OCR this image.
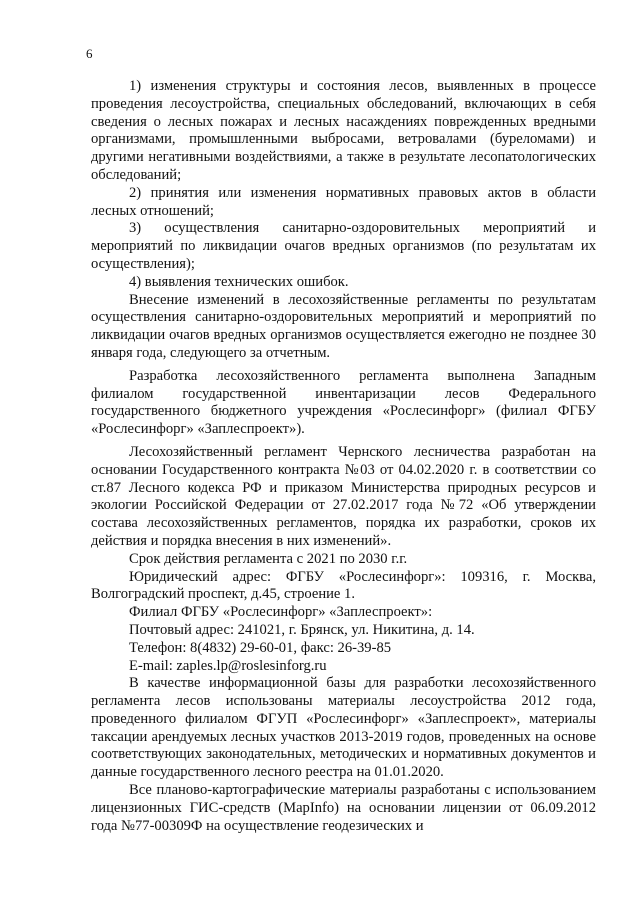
6

1) изменения структуры и состояния лесов, выявленных в процессе проведения лесоустройства, специальных обследований, включающих в себя сведения о лесных пожарах и лесных насаждениях поврежденных вредными организмами, промышленными выбросами, ветровалами (буреломами) и другими негативными воздействиями, а также в результате лесопатологических обследований;

2) принятия или изменения нормативных правовых актов в области лесных отношений;

3) осуществления санитарно-оздоровительных мероприятий и мероприятий по ликвидации очагов вредных организмов (по результатам их осуществления);

4) выявления технических ошибок.

Внесение изменений в лесохозяйственные регламенты по результатам осуществления санитарно-оздоровительных мероприятий и мероприятий по ликвидации очагов вредных организмов осуществляется ежегодно не позднее 30 января года, следующего за отчетным.

Разработка лесохозяйственного регламента выполнена Западным филиалом государственной инвентаризации лесов Федерального государственного бюджетного учреждения «Рослесинфорг» (филиал ФГБУ «Рослесинфорг» «Заплеспроект»).

Лесохозяйственный регламент Чернского лесничества разработан на основании Государственного контракта №03 от 04.02.2020 г. в соответствии со ст.87 Лесного кодекса РФ и приказом Министерства природных ресурсов и экологии Российской Федерации от 27.02.2017 года №72 «Об утверждении состава лесохозяйственных регламентов, порядка их разработки, сроков их действия и порядка внесения в них изменений».

Срок действия регламента с 2021 по 2030 г.г.

Юридический адрес: ФГБУ «Рослесинфорг»: 109316, г. Москва, Волгоградский проспект, д.45, строение 1.

Филиал ФГБУ «Рослесинфорг» «Заплеспроект»:

Почтовый адрес: 241021, г. Брянск, ул. Никитина, д. 14.

Телефон: 8(4832) 29-60-01, факс: 26-39-85

E-mail: zaples.lp@roslesinforg.ru

В качестве информационной базы для разработки лесохозяйственного регламента лесов использованы материалы лесоустройства 2012 года, проведенного филиалом ФГУП «Рослесинфорг» «Заплеспроект», материалы таксации арендуемых лесных участков 2013-2019 годов, проведенных на основе соответствующих законодательных, методических и нормативных документов и данные государственного лесного реестра на 01.01.2020.

Все планово-картографические материалы разработаны с использованием лицензионных ГИС-средств (MapInfo) на основании лицензии от 06.09.2012 года №77-00309Ф на осуществление геодезических и
